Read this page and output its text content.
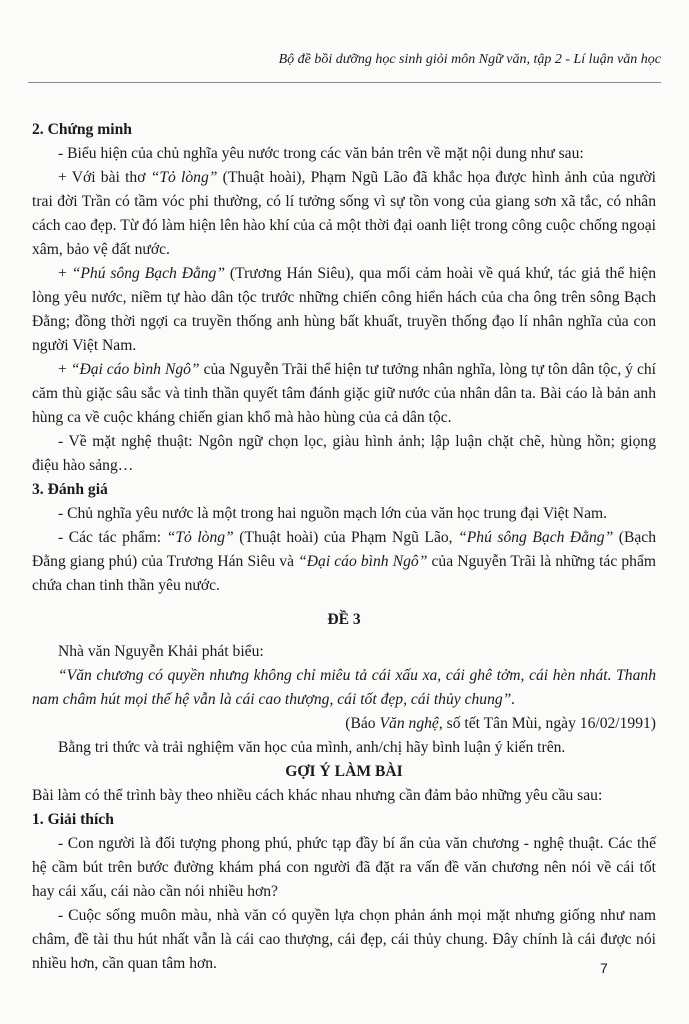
Bộ đề bồi dưỡng học sinh giỏi môn Ngữ văn, tập 2 - Lí luận văn học

2. Chứng minh

- Biểu hiện của chủ nghĩa yêu nước trong các văn bản trên về mặt nội dung như sau:

+ Với bài thơ “Tỏ lòng” (Thuật hoài), Phạm Ngũ Lão đã khắc họa được hình ảnh của người trai đời Trần có tầm vóc phi thường, có lí tưởng sống vì sự tồn vong của giang sơn xã tắc, có nhân cách cao đẹp. Từ đó làm hiện lên hào khí của cả một thời đại oanh liệt trong công cuộc chống ngoại xâm, bảo vệ đất nước.

+ “Phú sông Bạch Đằng” (Trương Hán Siêu), qua mối cảm hoài về quá khứ, tác giả thể hiện lòng yêu nước, niềm tự hào dân tộc trước những chiến công hiển hách của cha ông trên sông Bạch Đằng; đồng thời ngợi ca truyền thống anh hùng bất khuất, truyền thống đạo lí nhân nghĩa của con người Việt Nam.

+ “Đại cáo bình Ngô” của Nguyễn Trãi thể hiện tư tưởng nhân nghĩa, lòng tự tôn dân tộc, ý chí căm thù giặc sâu sắc và tinh thần quyết tâm đánh giặc giữ nước của nhân dân ta. Bài cáo là bản anh hùng ca về cuộc kháng chiến gian khổ mà hào hùng của cả dân tộc.

- Về mặt nghệ thuật: Ngôn ngữ chọn lọc, giàu hình ảnh; lập luận chặt chẽ, hùng hồn; giọng điệu hào sảng…

3. Đánh giá

- Chủ nghĩa yêu nước là một trong hai nguồn mạch lớn của văn học trung đại Việt Nam.

- Các tác phẩm: “Tỏ lòng” (Thuật hoài) của Phạm Ngũ Lão, “Phú sông Bạch Đằng” (Bạch Đằng giang phú) của Trương Hán Siêu và “Đại cáo bình Ngô” của Nguyễn Trãi là những tác phẩm chứa chan tinh thần yêu nước.

ĐỀ 3

Nhà văn Nguyễn Khải phát biểu:

“Văn chương có quyền nhưng không chỉ miêu tả cái xấu xa, cái ghê tởm, cái hèn nhát. Thanh nam châm hút mọi thế hệ vẫn là cái cao thượng, cái tốt đẹp, cái thủy chung”.

(Báo Văn nghệ, số tết Tân Mùi, ngày 16/02/1991)

Bằng tri thức và trải nghiệm văn học của mình, anh/chị hãy bình luận ý kiến trên.

GỢI Ý LÀM BÀI

Bài làm có thể trình bày theo nhiều cách khác nhau nhưng cần đảm bảo những yêu cầu sau:

1. Giải thích

- Con người là đối tượng phong phú, phức tạp đầy bí ẩn của văn chương - nghệ thuật. Các thế hệ cầm bút trên bước đường khám phá con người đã đặt ra vấn đề văn chương nên nói về cái tốt hay cái xấu, cái nào cần nói nhiều hơn?

- Cuộc sống muôn màu, nhà văn có quyền lựa chọn phản ánh mọi mặt nhưng giống như nam châm, đề tài thu hút nhất vẫn là cái cao thượng, cái đẹp, cái thủy chung. Đây chính là cái được nói nhiều hơn, cần quan tâm hơn.	7
